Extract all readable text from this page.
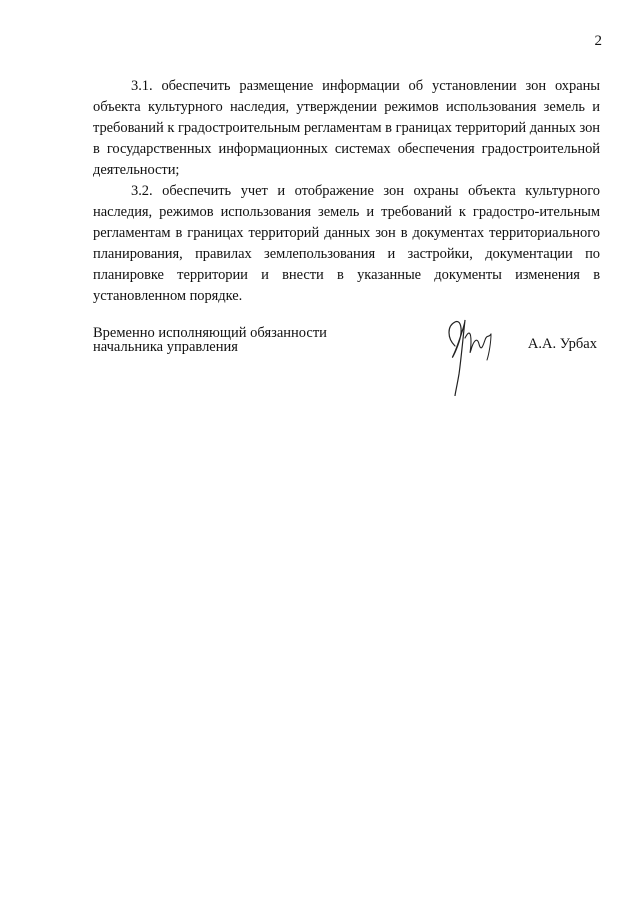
2

3.1. обеспечить размещение информации об установлении зон охраны объекта культурного наследия, утверждении режимов использования земель и требований к градостроительным регламентам в границах территорий данных зон в государственных информационных системах обеспечения градостроительной деятельности;

3.2. обеспечить учет и отображение зон охраны объекта культурного наследия, режимов использования земель и требований к градостро-ительным регламентам в границах территорий данных зон в документах территориального планирования, правилах землепользования и застройки, документации по планировке территории и внести в указанные документы изменения в установленном порядке.

Временно исполняющий обязанности
начальника управления	А.А. Урбах
